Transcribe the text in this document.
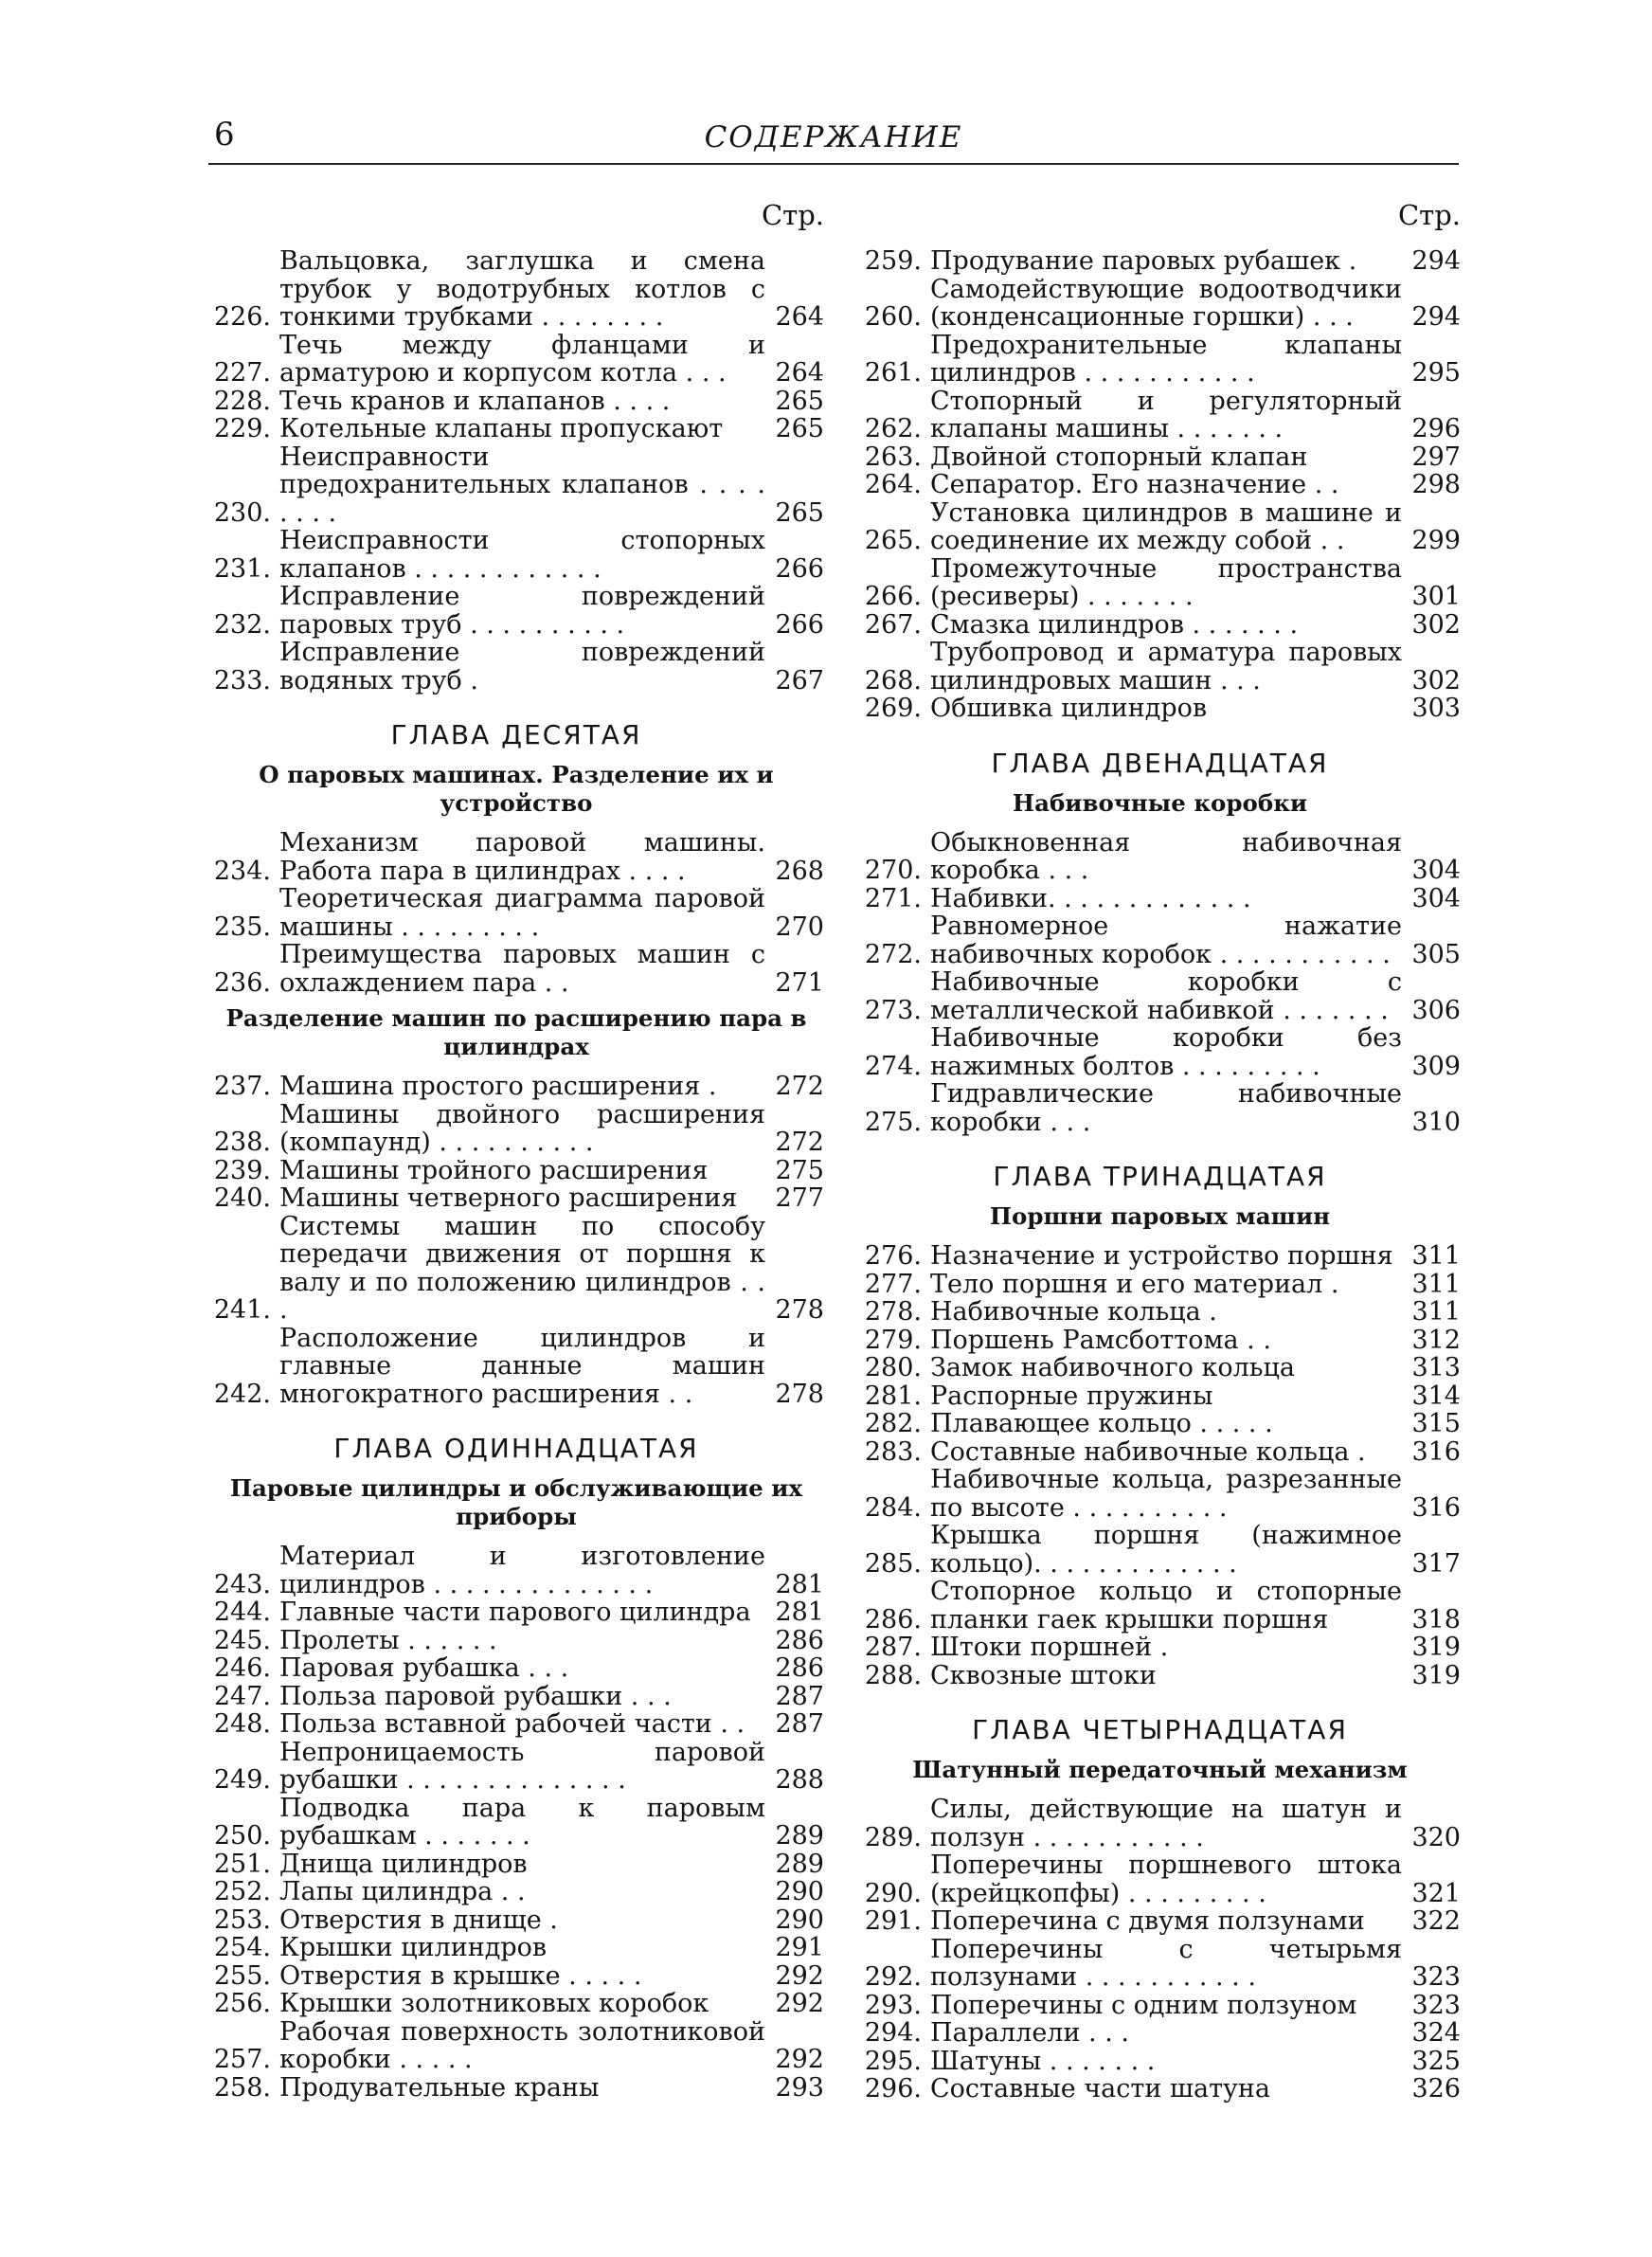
6	СОДЕРЖАНИЕ
Стр.
226.
Вальцовка, заглушка и смена трубок у водотрубных котлов с тонкими трубками . . . . . . . .	264
227.
Течь между фланцами и арматурою и корпусом котла . . .	264
228. Течь кранов и клапанов . . . .	265
229. Котельные клапаны пропускают	265
230.
Неисправности предохранительных клапанов . . . . . . . .	265
231.
Неисправности стопорных клапанов . . . . . . . . . . . .	266
232.
Исправление повреждений паровых труб . . . . . . . . . .	266
233.
Исправление повреждений водяных труб .	267
ГЛАВА ДЕСЯТАЯ
О паровых машинах. Разделение их и устройство
234.
Механизм паровой машины. Работа пара в цилиндрах . . . .	268
235.
Теоретическая диаграмма паровой машины . . . . . . . . .	270
236.
Преимущества паровых машин с охлаждением пара . .	271
Разделение машин по расширению пара в цилиндрах
237. Машина простого расширения .	272
238.
Машины двойного расширения (компаунд) . . . . . . . . . .	272
239. Машины тройного расширения	275
240. Машины четверного расширения	277
241.
Системы машин по способу передачи движения от поршня к валу и по положению цилиндров . . .	278
242.
Расположение цилиндров и главные данные машин многократного расширения . .	278
ГЛАВА ОДИННАДЦАТАЯ
Паровые цилиндры и обслуживающие их приборы
243.
Материал и изготовление цилиндров . . . . . . . . . . . . . .	281
244. Главные части парового цилиндра 281
245. Пролеты . . . . . .	286
246. Паровая рубашка . . .	286
247. Польза паровой рубашки . . .	287
248. Польза вставной рабочей части . .	287
249.
Непроницаемость паровой рубашки . . . . . . . . . . . . . .	288
250.
Подводка пара к паровым рубашкам . . . . . . .	289
251. Днища цилиндров	289
252. Лапы цилиндра . .	290
253. Отверстия в днище .	290
254. Крышки цилиндров	291
255. Отверстия в крышке . . . . .	292
256. Крышки золотниковых коробок	292
257.
Рабочая поверхность золотниковой коробки . . . . .	292
258. Продувательные краны	293
Стр.
259. Продувание паровых рубашек .	294
260.
Самодействующие водоотводчики (конденсационные горшки) . . .	294
261.
Предохранительные клапаны цилиндров . . . . . . . . . . .	295
262.
Стопорный и регуляторный клапаны машины . . . . . . .	296
263. Двойной стопорный клапан	297
264. Сепаратор. Его назначение . .	298
265.
Установка цилиндров в машине и соединение их между собой . .	299
266.
Промежуточные пространства (ресиверы) . . . . . . .	301
267. Смазка цилиндров . . . . . . .	302
268.
Трубопровод и арматура паровых цилиндровых машин . . .	302
269. Обшивка цилиндров	303
ГЛАВА ДВЕНАДЦАТАЯ
Набивочные коробки
270.
Обыкновенная набивочная коробка . . .	304
271. Набивки. . . . . . . . . . . . .	304
272.
Равномерное нажатие набивочных коробок . . . . . . . . . . . 305
273.
Набивочные коробки с металлической набивкой . . . . . . . 306
274.
Набивочные коробки без нажимных болтов . . . . . . . . .	309
275.
Гидравлические набивочные коробки . . .	310
ГЛАВА ТРИНАДЦАТАЯ
Поршни паровых машин
276. Назначение и устройство поршня 311
277. Тело поршня и его материал .	311
278. Набивочные кольца .	311
279. Поршень Рамсботтома . .	312
280. Замок набивочного кольца	313
281. Распорные пружины	314
282. Плавающее кольцо . . . . .	315
283. Составные набивочные кольца .	316
284.
Набивочные кольца, разрезанные по высоте . . . . . . . . . .	316
285.
Крышка поршня (нажимное кольцо). . . . . . . . . . . . .	317
286.
Стопорное кольцо и стопорные планки гаек крышки поршня	318
287. Штоки поршней .	319
288. Сквозные штоки	319
ГЛАВА ЧЕТЫРНАДЦАТАЯ
Шатунный передаточный механизм
289.
Силы, действующие на шатун и ползун . . . . . . . . . . .	320
290.
Поперечины поршневого штока (крейцкопфы) . . . . . . . . .	321
291. Поперечина с двумя ползунами	322
292.
Поперечины с четырьмя ползунами . . . . . . . . . . .	323
293. Поперечины с одним ползуном	323
294. Параллели . . .	324
295. Шатуны . . . . . . .	325
296. Составные части шатуна	326
